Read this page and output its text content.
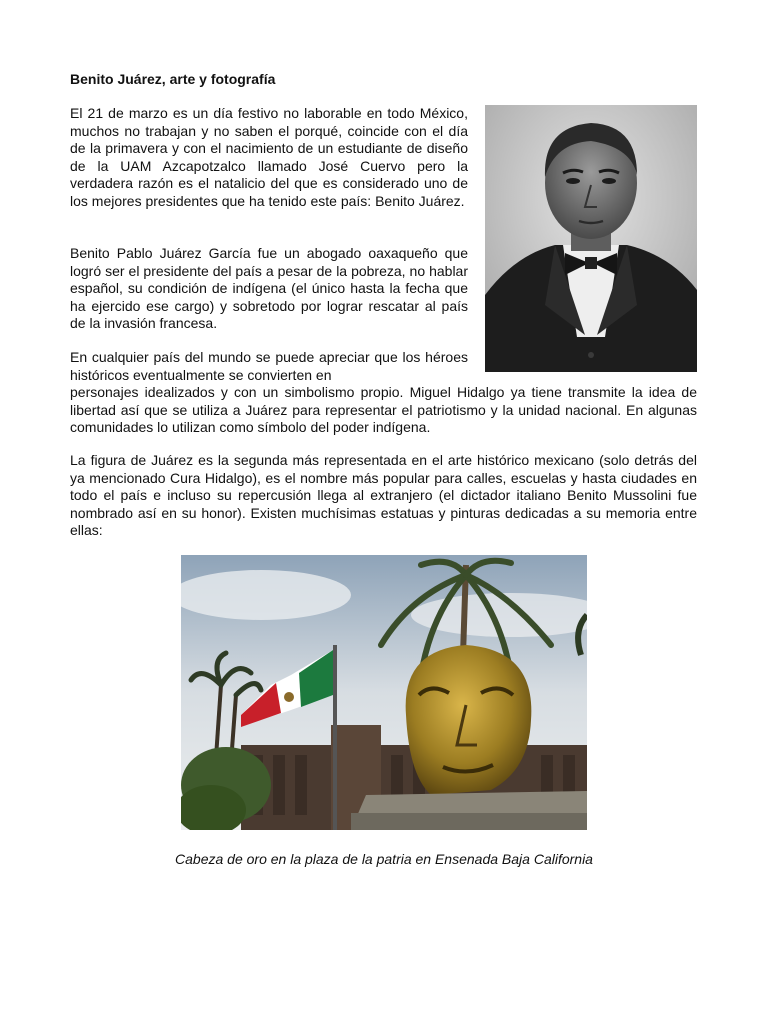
Benito Juárez, arte y fotografía

El 21 de marzo es un día festivo no laborable en todo México, muchos no trabajan y no saben el porqué, coincide con el día de la primavera y con el nacimiento de un estudiante de diseño de la UAM Azcapotzalco llamado José Cuervo pero la verdadera razón es el natalicio del que es considerado uno de los mejores presidentes que ha tenido este país: Benito Juárez.

Benito Pablo Juárez García fue un abogado oaxaqueño que logró ser el presidente del país a pesar de la pobreza, no hablar español, su condición de indígena (el único hasta la fecha que ha ejercido ese cargo) y sobretodo por lograr rescatar al país de la invasión francesa.

En cualquier país del mundo se puede apreciar que los héroes históricos eventualmente se convierten en

personajes idealizados y con un simbolismo propio. Miguel Hidalgo ya tiene transmite la idea de libertad así que se utiliza a Juárez para representar el patriotismo y la unidad nacional. En algunas comunidades lo utilizan como símbolo del poder indígena.

La figura de Juárez es la segunda más representada en el arte histórico mexicano (solo detrás del ya mencionado Cura Hidalgo), es el nombre más popular para calles, escuelas y hasta ciudades en todo el país e incluso su repercusión llega al extranjero (el dictador italiano Benito Mussolini fue nombrado así en su honor). Existen muchísimas estatuas y pinturas dedicadas a su memoria entre ellas:

Cabeza de oro en la plaza de la patria en Ensenada Baja California
